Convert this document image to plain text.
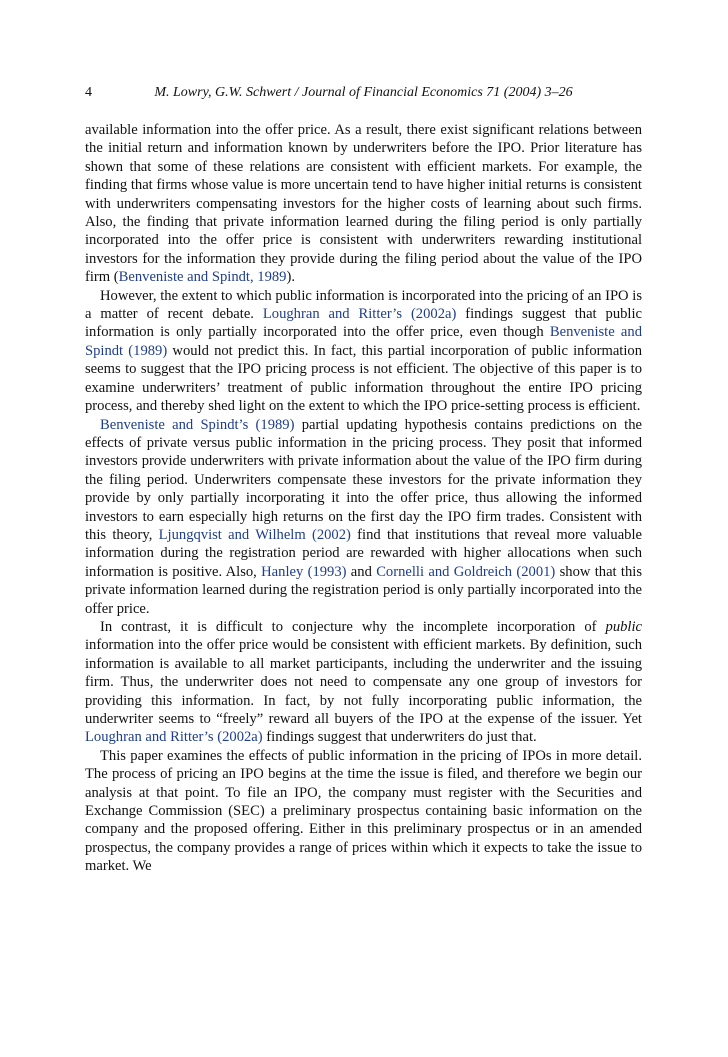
4	M. Lowry, G.W. Schwert / Journal of Financial Economics 71 (2004) 3–26

available information into the offer price. As a result, there exist significant relations between the initial return and information known by underwriters before the IPO. Prior literature has shown that some of these relations are consistent with efficient markets. For example, the finding that firms whose value is more uncertain tend to have higher initial returns is consistent with underwriters compensating investors for the higher costs of learning about such firms. Also, the finding that private information learned during the filing period is only partially incorporated into the offer price is consistent with underwriters rewarding institutional investors for the information they provide during the filing period about the value of the IPO firm (Benveniste and Spindt, 1989).

However, the extent to which public information is incorporated into the pricing of an IPO is a matter of recent debate. Loughran and Ritter’s (2002a) findings suggest that public information is only partially incorporated into the offer price, even though Benveniste and Spindt (1989) would not predict this. In fact, this partial incorporation of public information seems to suggest that the IPO pricing process is not efficient. The objective of this paper is to examine underwriters’ treatment of public information throughout the entire IPO pricing process, and thereby shed light on the extent to which the IPO price-setting process is efficient.

Benveniste and Spindt’s (1989) partial updating hypothesis contains predictions on the effects of private versus public information in the pricing process. They posit that informed investors provide underwriters with private information about the value of the IPO firm during the filing period. Underwriters compensate these investors for the private information they provide by only partially incorporating it into the offer price, thus allowing the informed investors to earn especially high returns on the first day the IPO firm trades. Consistent with this theory, Ljungqvist and Wilhelm (2002) find that institutions that reveal more valuable information during the registration period are rewarded with higher allocations when such information is positive. Also, Hanley (1993) and Cornelli and Goldreich (2001) show that this private information learned during the registration period is only partially incorporated into the offer price.

In contrast, it is difficult to conjecture why the incomplete incorporation of public information into the offer price would be consistent with efficient markets. By definition, such information is available to all market participants, including the underwriter and the issuing firm. Thus, the underwriter does not need to compensate any one group of investors for providing this information. In fact, by not fully incorporating public information, the underwriter seems to “freely” reward all buyers of the IPO at the expense of the issuer. Yet Loughran and Ritter’s (2002a) findings suggest that underwriters do just that.

This paper examines the effects of public information in the pricing of IPOs in more detail. The process of pricing an IPO begins at the time the issue is filed, and therefore we begin our analysis at that point. To file an IPO, the company must register with the Securities and Exchange Commission (SEC) a preliminary prospectus containing basic information on the company and the proposed offering. Either in this preliminary prospectus or in an amended prospectus, the company provides a range of prices within which it expects to take the issue to market. We
